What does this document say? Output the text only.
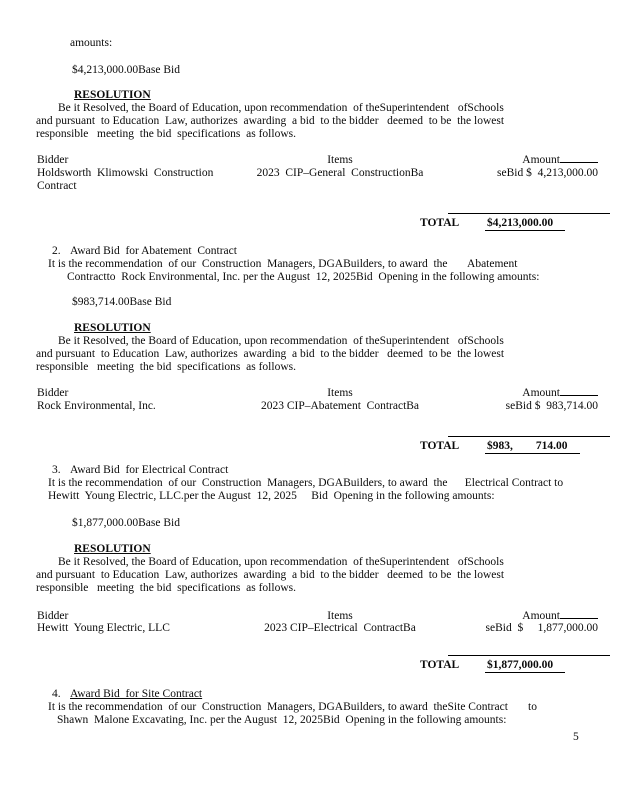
amounts:
$4,213,000.00Base Bid
RESOLUTION
Be it Resolved, the Board of Education, upon recommendation  of theSuperintendent   ofSchools
and pursuant  to Education  Law, authorizes  awarding  a bid  to the bidder   deemed  to be  the lowest
responsible   meeting  the bid  specifications  as follows.
Bidder	Items	Amount
Holdsworth  Klimowski  Construction	2023  CIP–General  ConstructionBa	seBid $  4,213,000.00
Contract
TOTAL $4,213,000.00
2. Award Bid  for Abatement  Contract
It is the recommendation  of our  Construction  Managers, DGABuilders, to award  the       Abatement
Contractto  Rock Environmental, Inc. per the August  12, 2025Bid  Opening in the following amounts:
$983,714.00Base Bid
RESOLUTION
Be it Resolved, the Board of Education, upon recommendation  of theSuperintendent   ofSchools
and pursuant  to Education  Law, authorizes  awarding  a bid  to the bidder   deemed  to be  the lowest
responsible   meeting  the bid  specifications  as follows.
Bidder	Items	Amount
Rock Environmental, Inc.	2023 CIP–Abatement  ContractBa	seBid $  983,714.00
TOTAL $983,        714.00
3. Award Bid  for Electrical Contract
It is the recommendation  of our  Construction  Managers, DGABuilders, to award  the      Electrical Contract to
Hewitt  Young Electric, LLC.per the August  12, 2025     Bid  Opening in the following amounts:
$1,877,000.00Base Bid
RESOLUTION
Be it Resolved, the Board of Education, upon recommendation  of theSuperintendent   ofSchools
and pursuant  to Education  Law, authorizes  awarding  a bid  to the bidder   deemed  to be  the lowest
responsible   meeting  the bid  specifications  as follows.
Bidder	Items	Amount
Hewitt  Young Electric, LLC	2023 CIP–Electrical  ContractBa	seBid  $     1,877,000.00
TOTAL $1,877,000.00
4. Award Bid  for Site Contract
It is the recommendation  of our  Construction  Managers, DGABuilders, to award  theSite Contract       to
Shawn  Malone Excavating, Inc. per the August  12, 2025Bid  Opening in the following amounts:
5
